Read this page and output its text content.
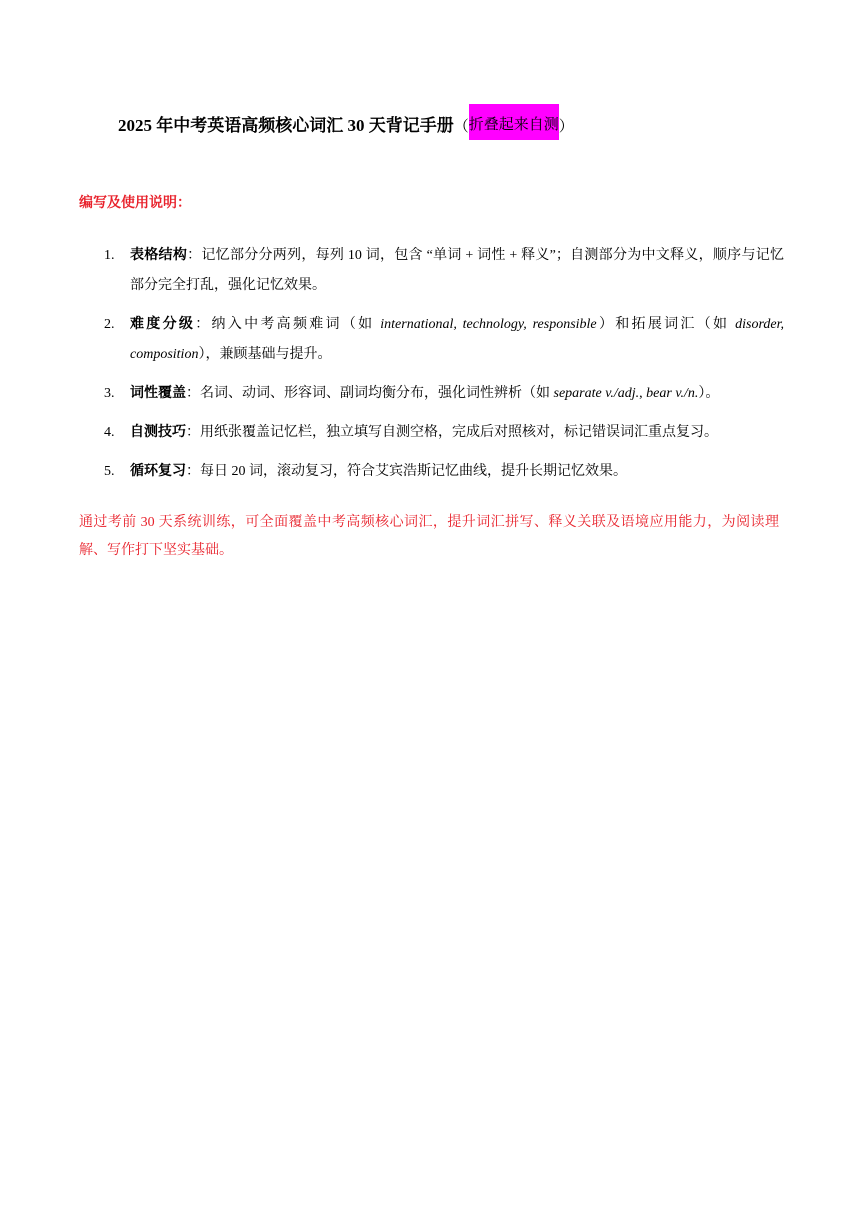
2025 年中考英语高频核心词汇 30 天背记手册（折叠起来自测）
编写及使用说明：
1.	表格结构：记忆部分分两列，每列 10 词，包含 “单词 + 词性 + 释义”；自测部分为中文释义，顺序与记忆部分完全打乱，强化记忆效果。
2.	难度分级：纳入中考高频难词（如 international, technology, responsible）和拓展词汇（如 disorder, composition），兼顾基础与提升。
3.	词性覆盖：名词、动词、形容词、副词均衡分布，强化词性辨析（如 separate v./adj., bear v./n.）。
4.	自测技巧：用纸张覆盖记忆栏，独立填写自测空格，完成后对照核对，标记错误词汇重点复习。
5.	循环复习：每日 20 词，滚动复习，符合艾宾浩斯记忆曲线，提升长期记忆效果。
通过考前 30 天系统训练，可全面覆盖中考高频核心词汇，提升词汇拼写、释义关联及语境应用能力，为阅读理解、写作打下坚实基础。
